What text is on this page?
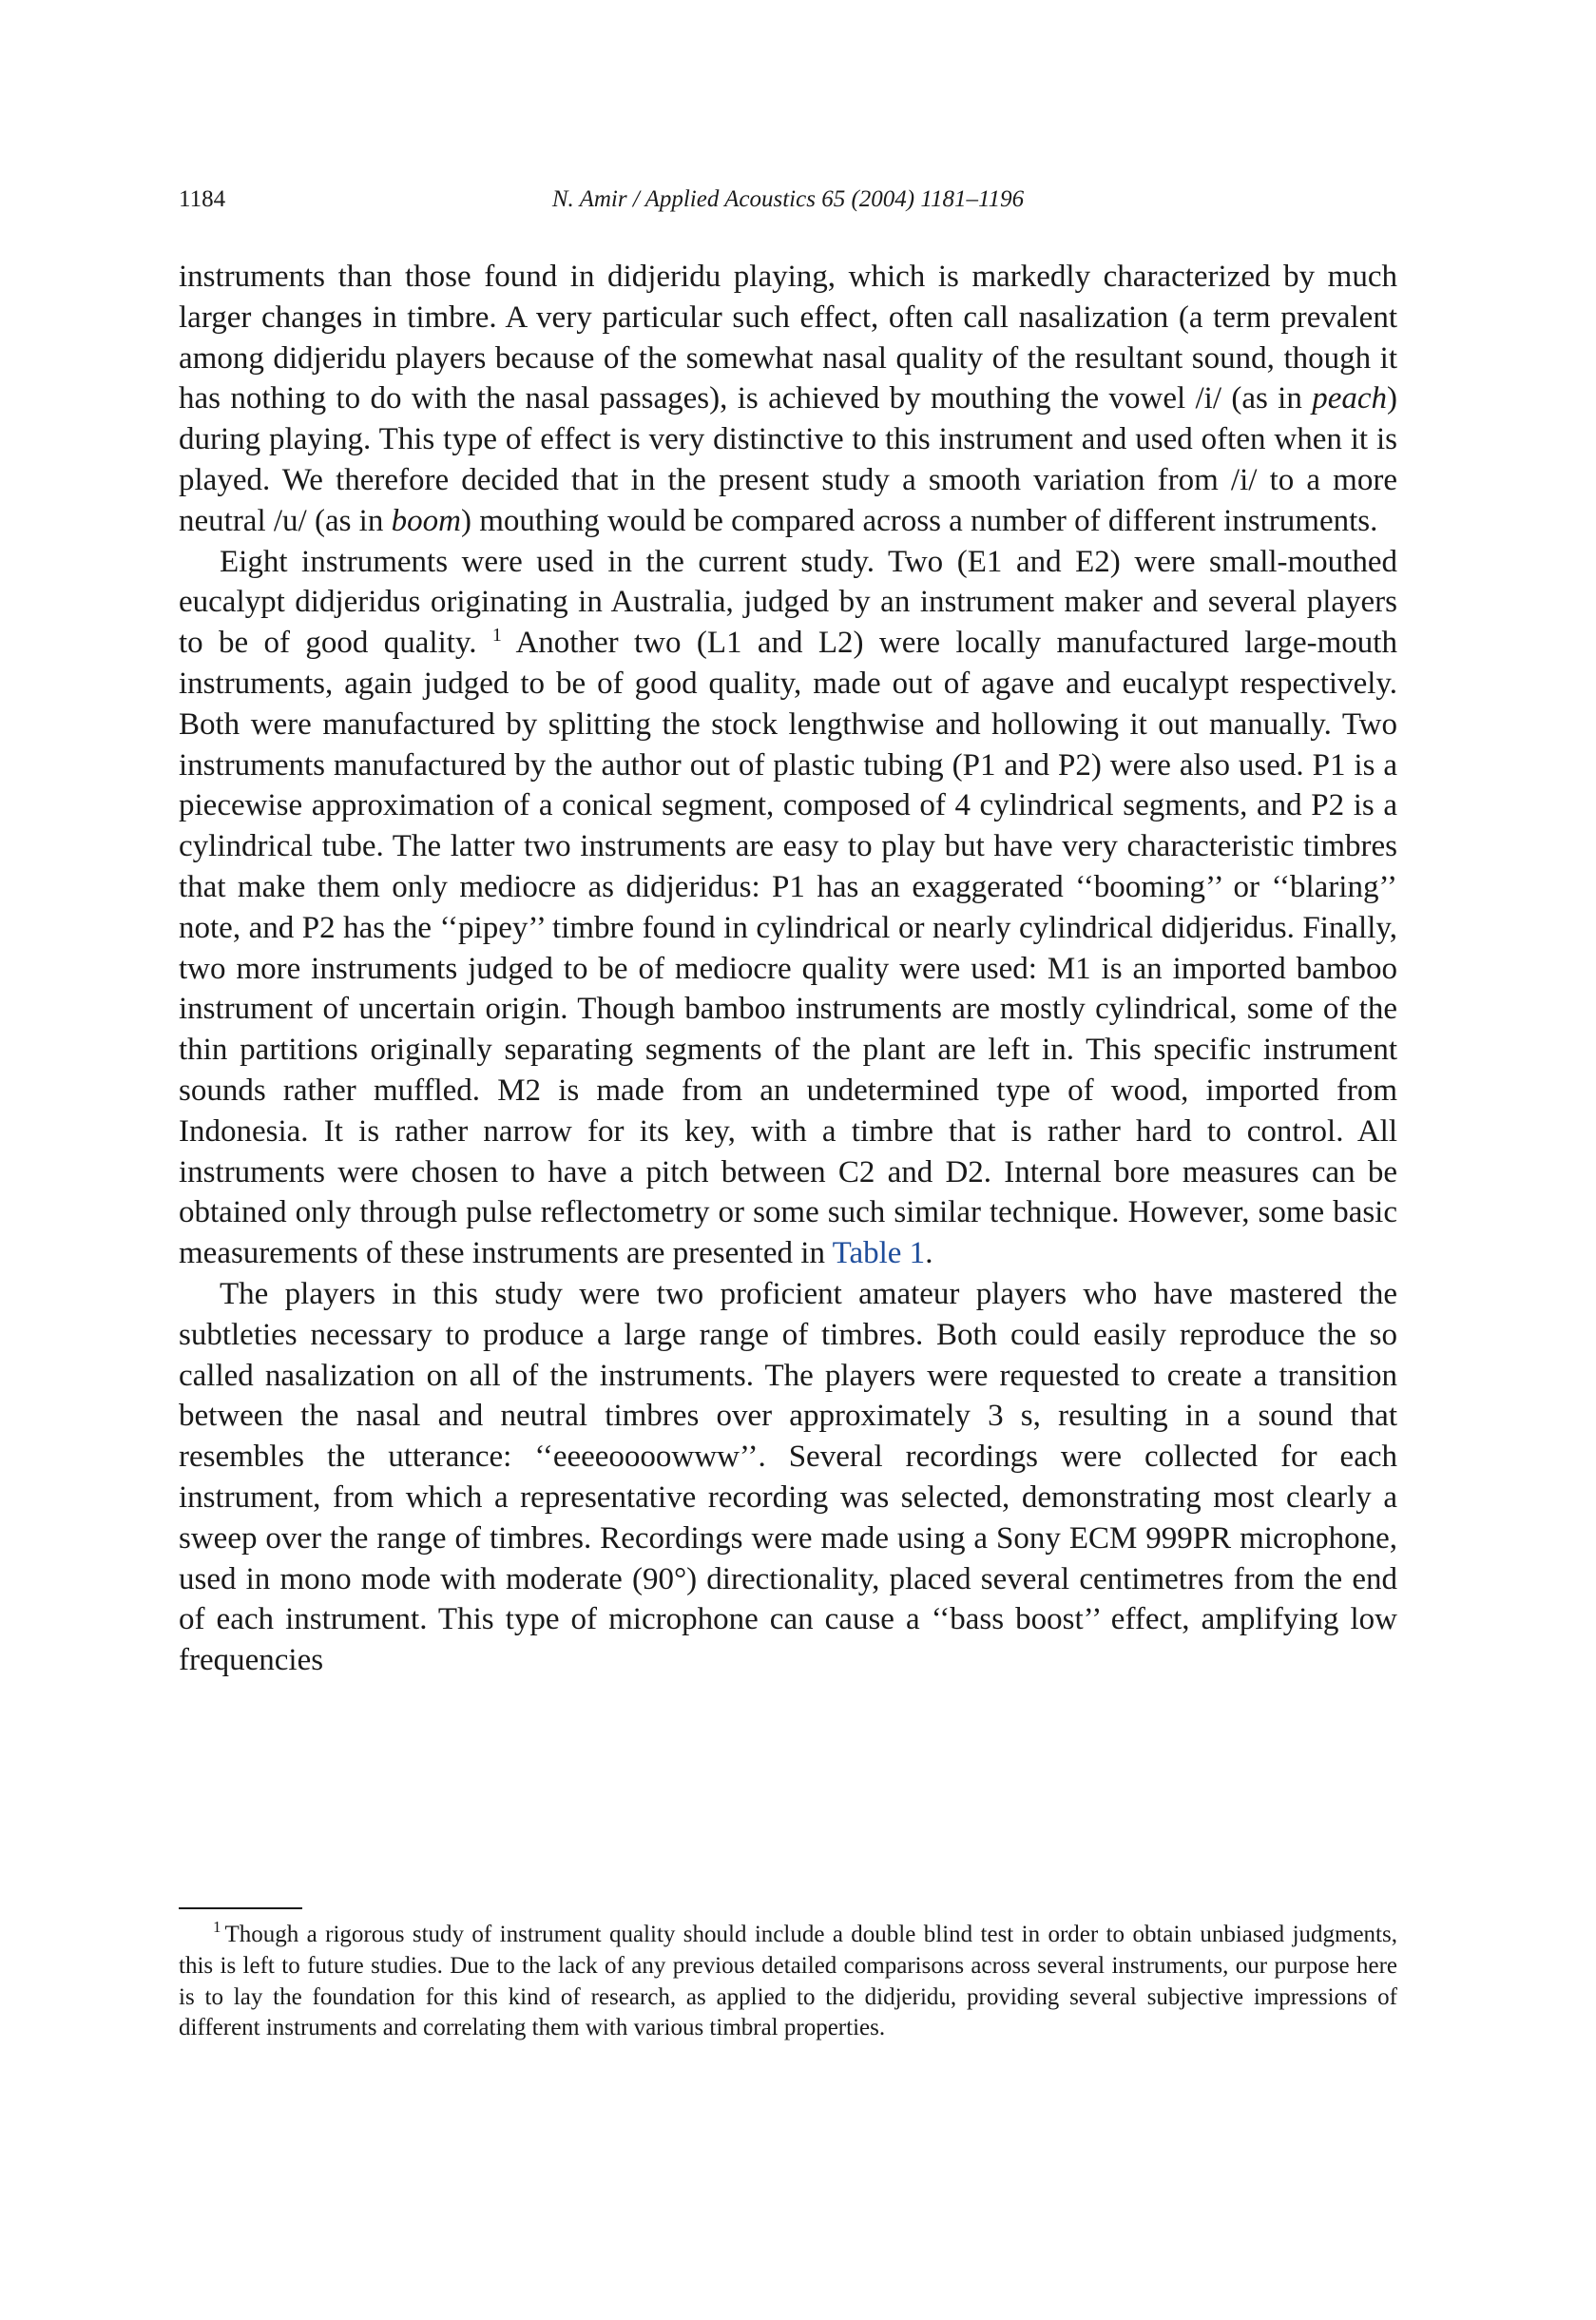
1184	N. Amir / Applied Acoustics 65 (2004) 1181–1196

instruments than those found in didjeridu playing, which is markedly characterized by much larger changes in timbre. A very particular such effect, often call nasalization (a term prevalent among didjeridu players because of the somewhat nasal quality of the resultant sound, though it has nothing to do with the nasal passages), is achieved by mouthing the vowel /i/ (as in peach) during playing. This type of effect is very distinctive to this instrument and used often when it is played. We therefore decided that in the present study a smooth variation from /i/ to a more neutral /u/ (as in boom) mouthing would be compared across a number of different instruments.

Eight instruments were used in the current study. Two (E1 and E2) were small-mouthed eucalypt didjeridus originating in Australia, judged by an instrument maker and several players to be of good quality. $^1$ Another two (L1 and L2) were locally manufactured large-mouth instruments, again judged to be of good quality, made out of agave and eucalypt respectively. Both were manufactured by splitting the stock lengthwise and hollowing it out manually. Two instruments manufactured by the author out of plastic tubing (P1 and P2) were also used. P1 is a piecewise approximation of a conical segment, composed of 4 cylindrical segments, and P2 is a cylindrical tube. The latter two instruments are easy to play but have very characteristic timbres that make them only mediocre as didjeridus: P1 has an exaggerated ‘‘booming’’ or ‘‘blaring’’ note, and P2 has the ‘‘pipey’’ timbre found in cylindrical or nearly cylindrical didjeridus. Finally, two more instruments judged to be of mediocre quality were used: M1 is an imported bamboo instrument of uncertain origin. Though bamboo instruments are mostly cylindrical, some of the thin partitions originally separating segments of the plant are left in. This specific instrument sounds rather muffled. M2 is made from an undetermined type of wood, imported from Indonesia. It is rather narrow for its key, with a timbre that is rather hard to control. All instruments were chosen to have a pitch between C2 and D2. Internal bore measures can be obtained only through pulse reflectometry or some such similar technique. However, some basic measurements of these instruments are presented in Table 1.

The players in this study were two proficient amateur players who have mastered the subtleties necessary to produce a large range of timbres. Both could easily reproduce the so called nasalization on all of the instruments. The players were requested to create a transition between the nasal and neutral timbres over approximately 3 s, resulting in a sound that resembles the utterance: ‘‘eeeeoooowww’’. Several recordings were collected for each instrument, from which a representative recording was selected, demonstrating most clearly a sweep over the range of timbres. Recordings were made using a Sony ECM 999PR microphone, used in mono mode with moderate (90°) directionality, placed several centimetres from the end of each instrument. This type of microphone can cause a ‘‘bass boost’’ effect, amplifying low frequencies

$^1$ Though a rigorous study of instrument quality should include a double blind test in order to obtain unbiased judgments, this is left to future studies. Due to the lack of any previous detailed comparisons across several instruments, our purpose here is to lay the foundation for this kind of research, as applied to the didjeridu, providing several subjective impressions of different instruments and correlating them with various timbral properties.
